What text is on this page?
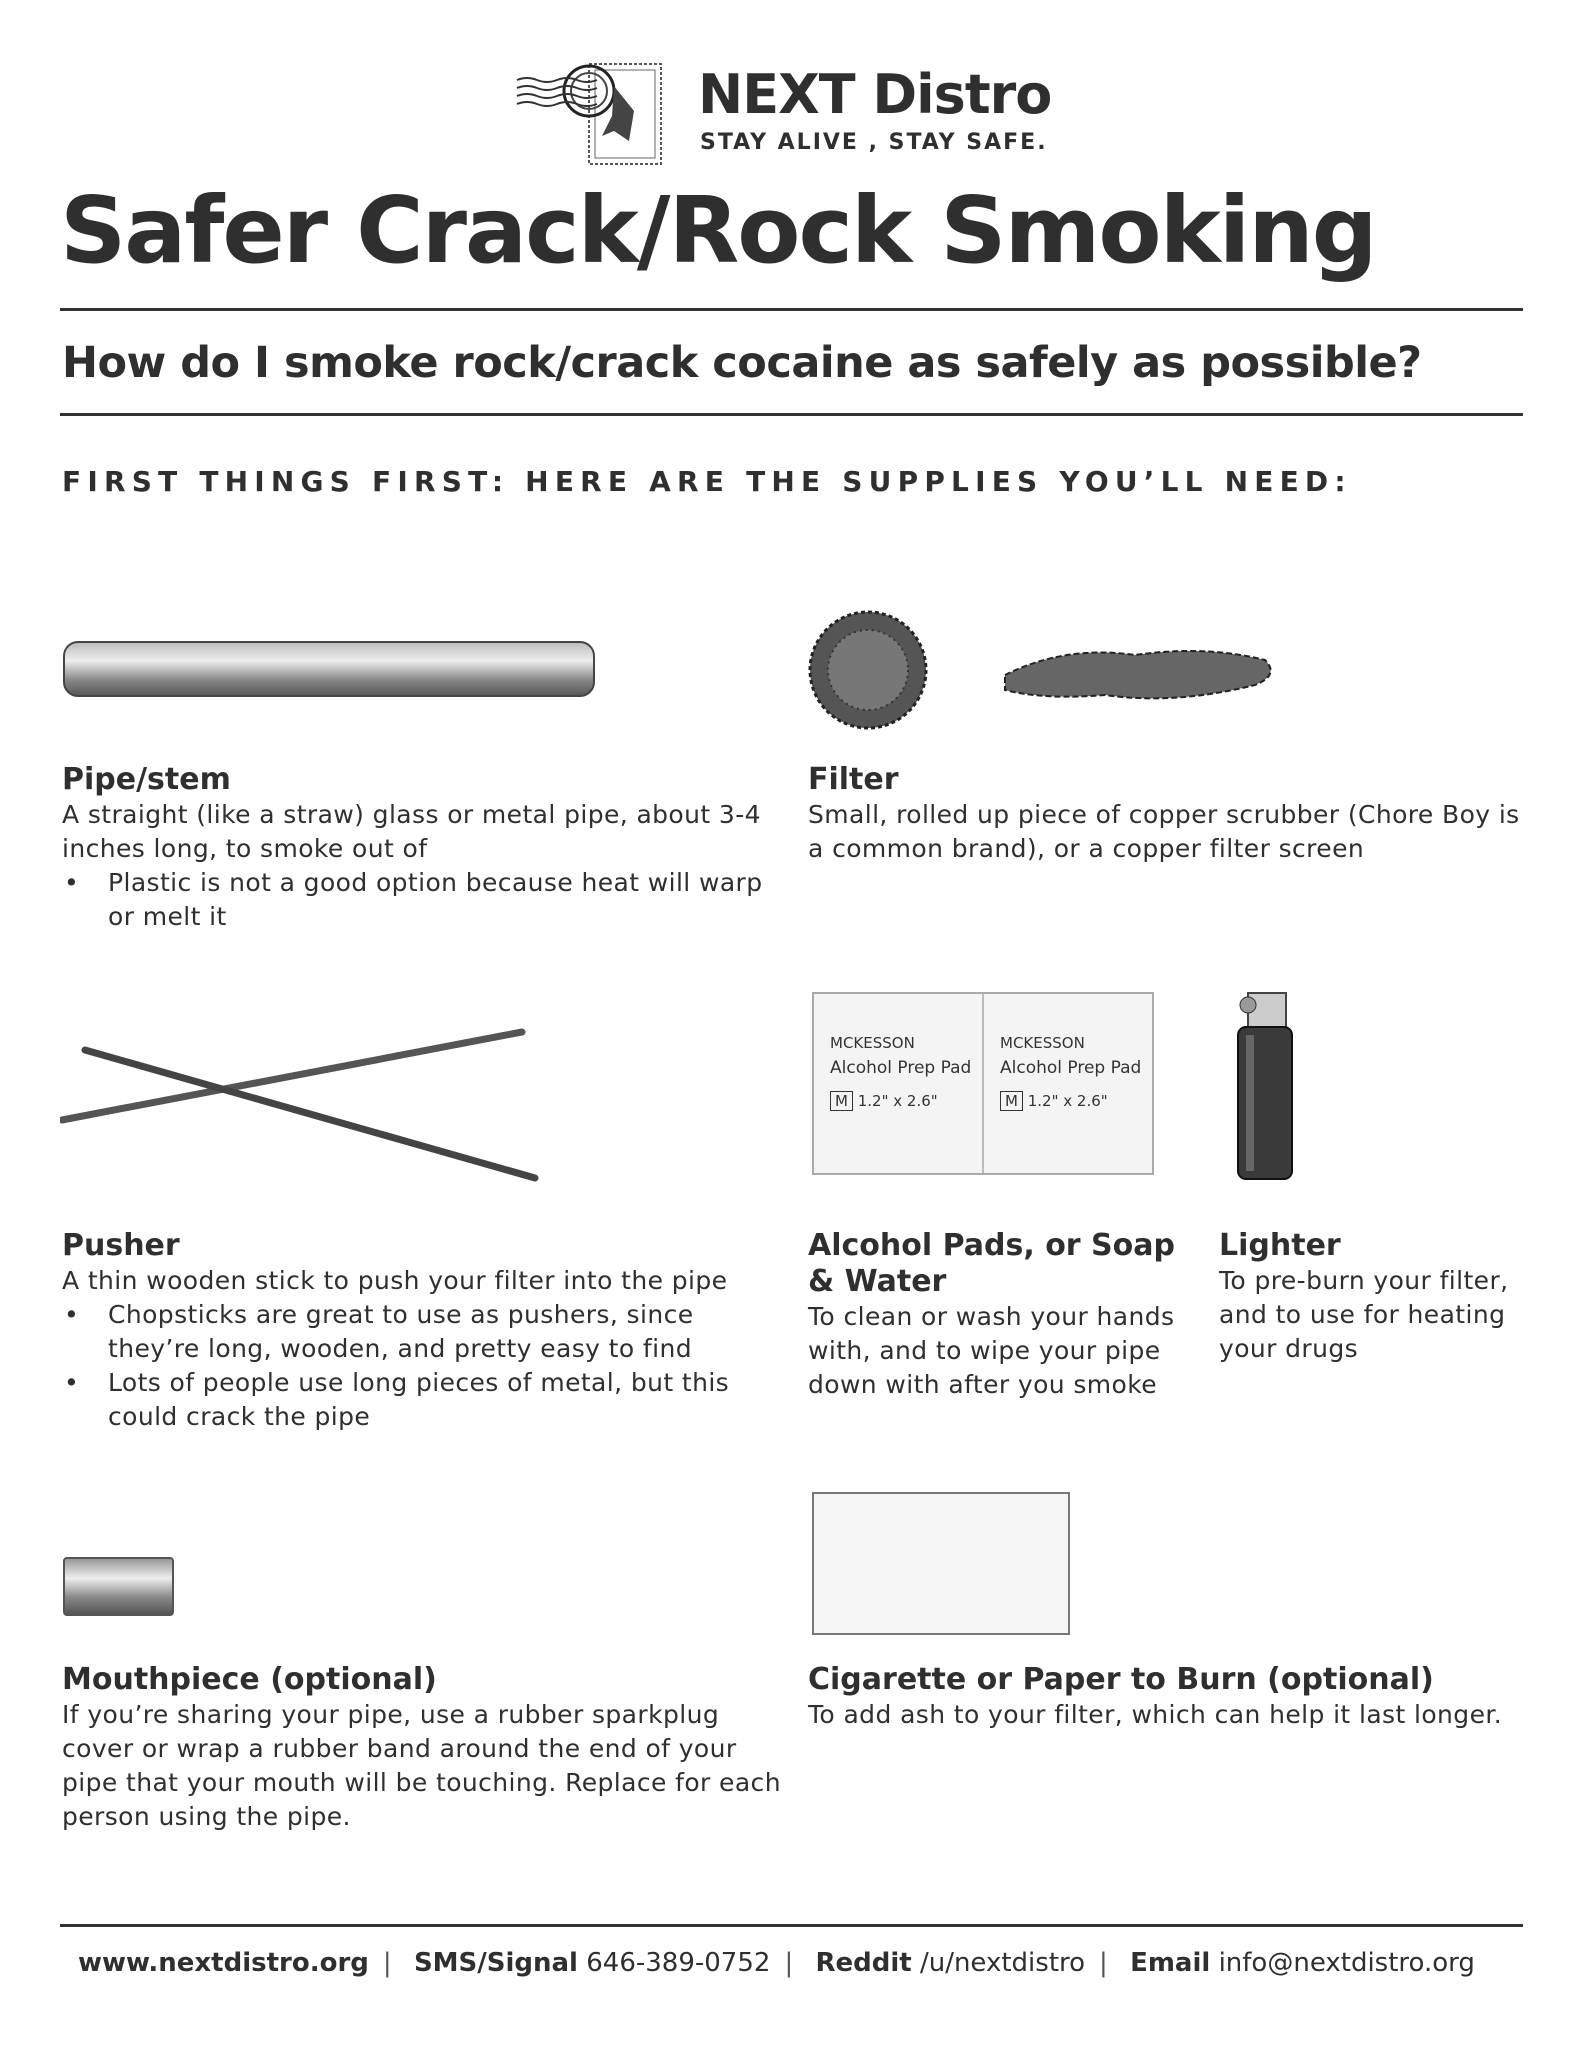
NEXT Distro
STAY ALIVE , STAY SAFE.
Safer Crack/Rock Smoking
How do I smoke rock/crack cocaine as safely as possible?
FIRST THINGS FIRST: HERE ARE THE SUPPLIES YOU’LL NEED:
Pipe/stem

A straight (like a straw) glass or metal pipe, about 3-4 inches long, to smoke out of

• Plastic is not a good option because heat will warp or melt it
Filter

Small, rolled up piece of copper scrubber (Chore Boy is a common brand), or a copper filter screen

Pusher

A thin wooden stick to push your filter into the pipe

• Chopsticks are great to use as pushers, since they’re long, wooden, and pretty easy to find
• Lots of people use long pieces of metal, but this could crack the pipe
MCKESSON
Alcohol Prep Pad
M 1.2" x 2.6"
MCKESSON
Alcohol Prep Pad
M 1.2" x 2.6"
Alcohol Pads, or Soap & Water

To clean or wash your hands with, and to wipe your pipe down with after you smoke

Lighter

To pre-burn your filter, and to use for heating your drugs

Mouthpiece (optional)

If you’re sharing your pipe, use a rubber sparkplug cover or wrap a rubber band around the end of your pipe that your mouth will be touching. Replace for each person using the pipe.

Cigarette or Paper to Burn (optional)

To add ash to your filter, which can help it last longer.

www.nextdistro.org | SMS/Signal 646-389-0752 | Reddit /u/nextdistro | Email info@nextdistro.org
